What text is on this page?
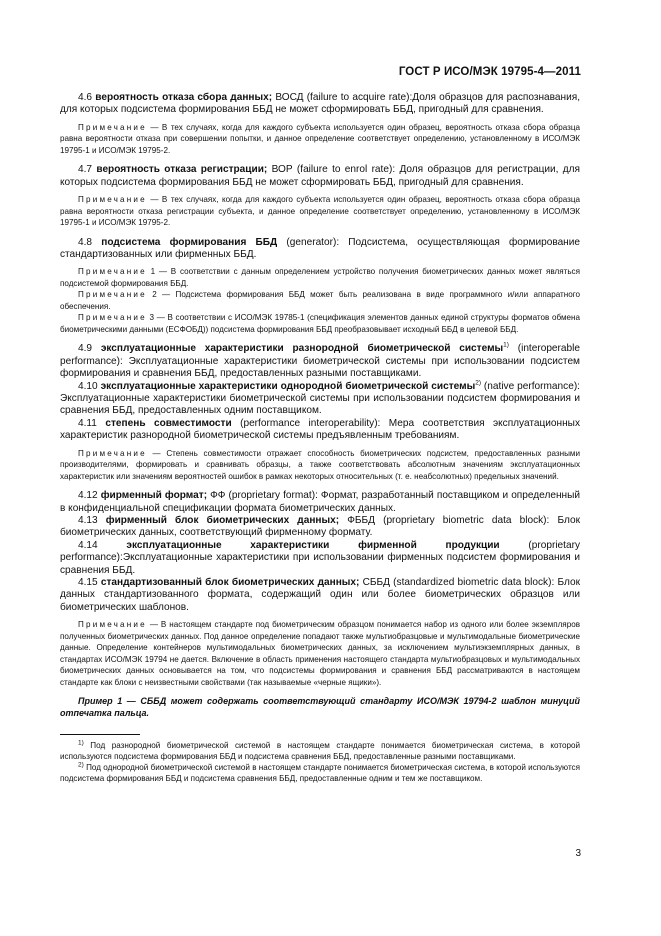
ГОСТ Р ИСО/МЭК 19795-4—2011

4.6 вероятность отказа сбора данных; ВОСД (failure to acquire rate):Доля образцов для распознавания, для которых подсистема формирования ББД не может сформировать ББД, пригодный для сравнения.

Примечание — В тех случаях, когда для каждого субъекта используется один образец, вероятность отказа сбора образца равна вероятности отказа при совершении попытки, и данное определение соответствует определению, установленному в ИСО/МЭК 19795-1 и ИСО/МЭК 19795-2.

4.7 вероятность отказа регистрации; ВОР (failure to enrol rate): Доля образцов для регистрации, для которых подсистема формирования ББД не может сформировать ББД, пригодный для сравнения.

Примечание — В тех случаях, когда для каждого субъекта используется один образец, вероятность отказа сбора образца равна вероятности отказа регистрации субъекта, и данное определение соответствует определению, установленному в ИСО/МЭК 19795-1 и ИСО/МЭК 19795-2.

4.8 подсистема формирования ББД (generator): Подсистема, осуществляющая формирование стандартизованных или фирменных ББД.

Примечание 1 — В соответствии с данным определением устройство получения биометрических данных может являться подсистемой формирования ББД.

Примечание 2 — Подсистема формирования ББД может быть реализована в виде программного и/или аппаратного обеспечения.

Примечание 3 — В соответствии с ИСО/МЭК 19785-1 (спецификация элементов данных единой структуры форматов обмена биометрическими данными (ЕСФОБД)) подсистема формирования ББД преобразовывает исходный ББД в целевой ББД.

4.9 эксплуатационные характеристики разнородной биометрической системы$^{1)}$ (interoperable performance): Эксплуатационные характеристики биометрической системы при использовании подсистем формирования и сравнения ББД, предоставленных разными поставщиками.

4.10 эксплуатационные характеристики однородной биометрической системы$^{2)}$ (native performance): Эксплуатационные характеристики биометрической системы при использовании подсистем формирования и сравнения ББД, предоставленных одним поставщиком.

4.11 степень совместимости (performance interoperability): Мера соответствия эксплуатационных характеристик разнородной биометрической системы предъявленным требованиям.

Примечание — Степень совместимости отражает способность биометрических подсистем, предоставленных разными производителями, формировать и сравнивать образцы, а также соответствовать абсолютным значениям эксплуатационных характеристик или значениям вероятностей ошибок в рамках некоторых относительных (т. е. неабсолютных) предельных значений.

4.12 фирменный формат; ФФ (proprietary format): Формат, разработанный поставщиком и определенный в конфиденциальной спецификации формата биометрических данных.

4.13 фирменный блок биометрических данных; ФББД (proprietary biometric data block): Блок биометрических данных, соответствующий фирменному формату.

4.14	эксплуатационные характеристики фирменной продукции (proprietary performance):Эксплуатационные характеристики при использовании фирменных подсистем формирования и сравнения ББД.

4.15 стандартизованный блок биометрических данных; СББД (standardized biometric data block): Блок данных стандартизованного формата, содержащий один или более биометрических образцов или биометрических шаблонов.

Примечание — В настоящем стандарте под биометрическим образцом понимается набор из одного или более экземпляров полученных биометрических данных. Под данное определение попадают также мультиобразцовые и мультимодальные биометрические данные. Определение контейнеров мультимодальных биометрических данных, за исключением мультиэкземплярных данных, в стандартах ИСО/МЭК 19794 не дается. Включение в область применения настоящего стандарта мультиобразцовых и мультимодальных биометрических данных основывается на том, что подсистемы формирования и сравнения ББД рассматриваются в настоящем стандарте как блоки с неизвестными свойствами (так называемые «черные ящики»).

Пример 1 — СББД может содержать соответствующий стандарту ИСО/МЭК 19794-2 шаблон минуций отпечатка пальца.

$^{1)}$ Под разнородной биометрической системой в настоящем стандарте понимается биометрическая система, в которой используются подсистема формирования ББД и подсистема сравнения ББД, предоставленные разными поставщиками.

$^{2)}$ Под однородной биометрической системой в настоящем стандарте понимается биометрическая система, в которой используются подсистема формирования ББД и подсистема сравнения ББД, предоставленные одним и тем же поставщиком.

3
